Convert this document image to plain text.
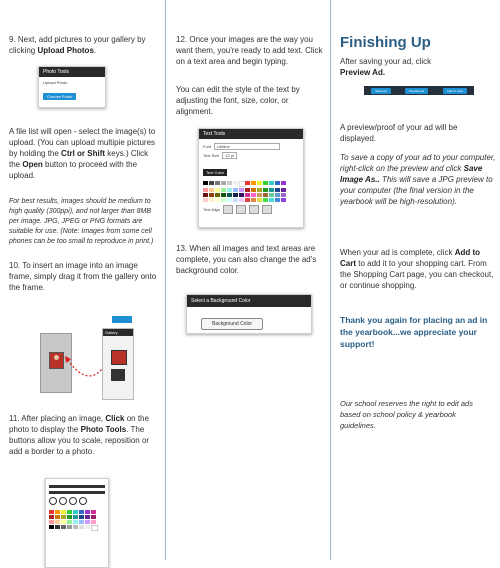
9. Next, add pictures to your gallery by clicking Upload Photos.

Photo Tools
Upload Photo
Choose Photo

A file list will open - select the image(s) to upload. (You can upload multipie pictures by holding the Ctrl or Shift keys.) Click the Open button to proceed with the upload.

For best results, images should be medium to high quality (300ppi), and not larger than 8MB per image. JPG, JPEG or PNG formats are suitable for use. (Note: Images from some cell phones can be too small to reproduce in print.)

10. To insert an image into an image frame, simply drag it from the gallery onto the frame.

Gallery

11. After placing an image, Click on the photo to display the Photo Tools. The buttons allow you to scale, reposition or add a border to a photo.

12. Once your images are the way you want them, you're ready to add text. Click on a text area and begin typing.

You can edit the style of the text by adjusting the font, size, color, or alignment.

Text Tools
Font	Lifeline
Text Size	12 pt
Text Color
Text Align

13. When all images and text areas are complete, you can also change the ad's background color.

Select a Background Color
Background Color
Finishing Up

After saving your ad, click
Preview Ad.

Save Ad	Preview Ad	Add To Cart

A preview/proof of your ad will be displayed.

To save a copy of your ad to your computer, right-click on the preview and click Save Image As.. This will save a JPG preview to your computer (the final version in the yearbook will be high-resolution).

When your ad is complete, click Add to Cart to add it to your shopping cart. From the Shopping Cart page, you can checkout, or continue shopping.

Thank you again for placing an ad in the yearbook...we appreciate your support!

Our school reserves the right to edit ads based on school policy & yearbook guidelines.
